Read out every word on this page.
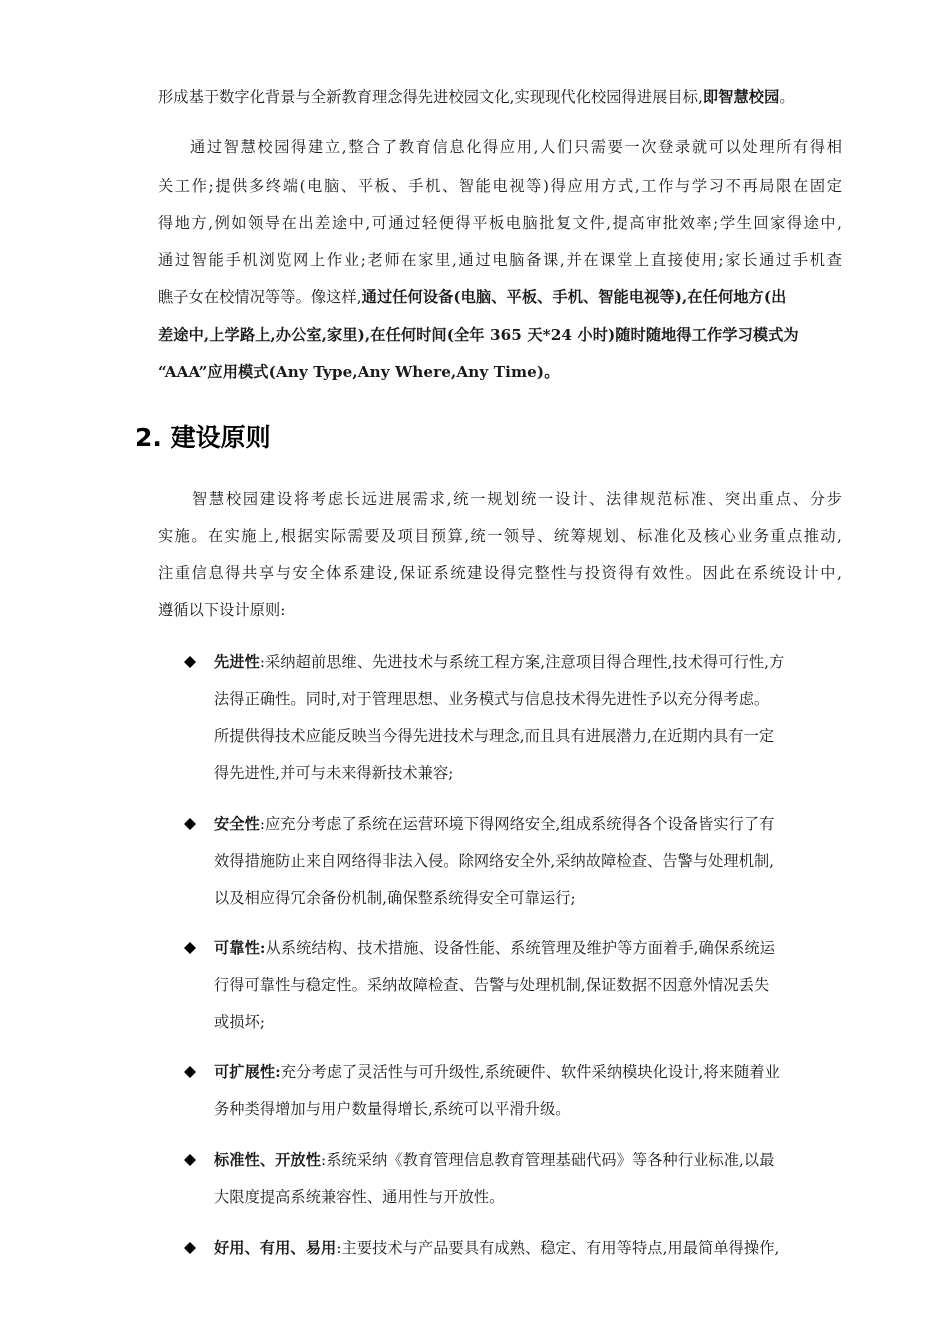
形成基于数字化背景与全新教育理念得先进校园文化,实现现代化校园得进展目标,即智慧校园。
通过智慧校园得建立,整合了教育信息化得应用,人们只需要一次登录就可以处理所有得相
关工作;提供多终端(电脑、平板、手机、智能电视等)得应用方式,工作与学习不再局限在固定
得地方,例如领导在出差途中,可通过轻便得平板电脑批复文件,提高审批效率;学生回家得途中,
通过智能手机浏览网上作业;老师在家里,通过电脑备课,并在课堂上直接使用;家长通过手机查
瞧子女在校情况等等。像这样,通过任何设备(电脑、平板、手机、智能电视等),在任何地方(出
差途中,上学路上,办公室,家里),在任何时间(全年 365 天*24 小时)随时随地得工作学习模式为
“AAA”应用模式(Any Type,Any Where,Any Time)。
2. 建设原则
智慧校园建设将考虑长远进展需求,统一规划统一设计、法律规范标准、突出重点、分步
实施。在实施上,根据实际需要及项目预算,统一领导、统筹规划、标准化及核心业务重点推动,
注重信息得共享与安全体系建设,保证系统建设得完整性与投资得有效性。因此在系统设计中,
遵循以下设计原则:
先进性:采纳超前思维、先进技术与系统工程方案,注意项目得合理性,技术得可行性,方
法得正确性。同时,对于管理思想、业务模式与信息技术得先进性予以充分得考虑。
所提供得技术应能反映当今得先进技术与理念,而且具有进展潜力,在近期内具有一定
得先进性,并可与未来得新技术兼容;
安全性:应充分考虑了系统在运营环境下得网络安全,组成系统得各个设备皆实行了有
效得措施防止来自网络得非法入侵。除网络安全外,采纳故障检查、告警与处理机制,
以及相应得冗余备份机制,确保整系统得安全可靠运行;
可靠性:从系统结构、技术措施、设备性能、系统管理及维护等方面着手,确保系统运
行得可靠性与稳定性。采纳故障检查、告警与处理机制,保证数据不因意外情况丢失
或损坏;
可扩展性:充分考虑了灵活性与可升级性,系统硬件、软件采纳模块化设计,将来随着业
务种类得增加与用户数量得增长,系统可以平滑升级。
标准性、开放性:系统采纳《教育管理信息教育管理基础代码》等各种行业标准,以最
大限度提高系统兼容性、通用性与开放性。
好用、有用、易用:主要技术与产品要具有成熟、稳定、有用等特点,用最简单得操作,
